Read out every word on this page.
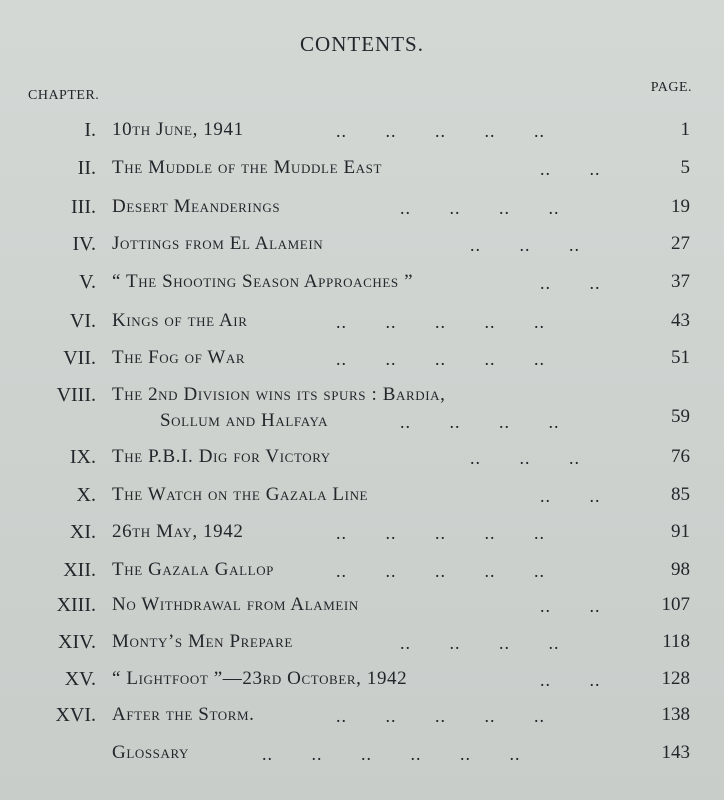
CONTENTS.
CHAPTER.
PAGE.
I. 10th June, 1941	..       ..       ..       ..       ..	1
II. The Muddle of the Muddle East	..       ..	5
III. Desert Meanderings	..       ..       ..       ..	19
IV. Jottings from El Alamein	..       ..       ..	27
V. “ The Shooting Season Approaches ”	..       ..	37
VI. Kings of the Air	..       ..       ..       ..       ..	43
VII. The Fog of War	..       ..       ..       ..       ..	51
VIII. The 2nd Division wins its spurs : Bardia,
Sollum and Halfaya	..       ..       ..       ..	59
IX. The P.B.I. Dig for Victory	..       ..       ..	76
X. The Watch on the Gazala Line	..       ..	85
XI. 26th May, 1942	..       ..       ..       ..       ..	91
XII. The Gazala Gallop	..       ..       ..       ..       ..	98
XIII. No Withdrawal from Alamein	..       ..	107
XIV. Monty’s Men Prepare	..       ..       ..       ..	118
XV. “ Lightfoot ”—23rd October, 1942	..       ..	128
XVI. After the Storm.	..       ..       ..       ..       ..	138
Glossary	..       ..       ..       ..       ..       ..	143
